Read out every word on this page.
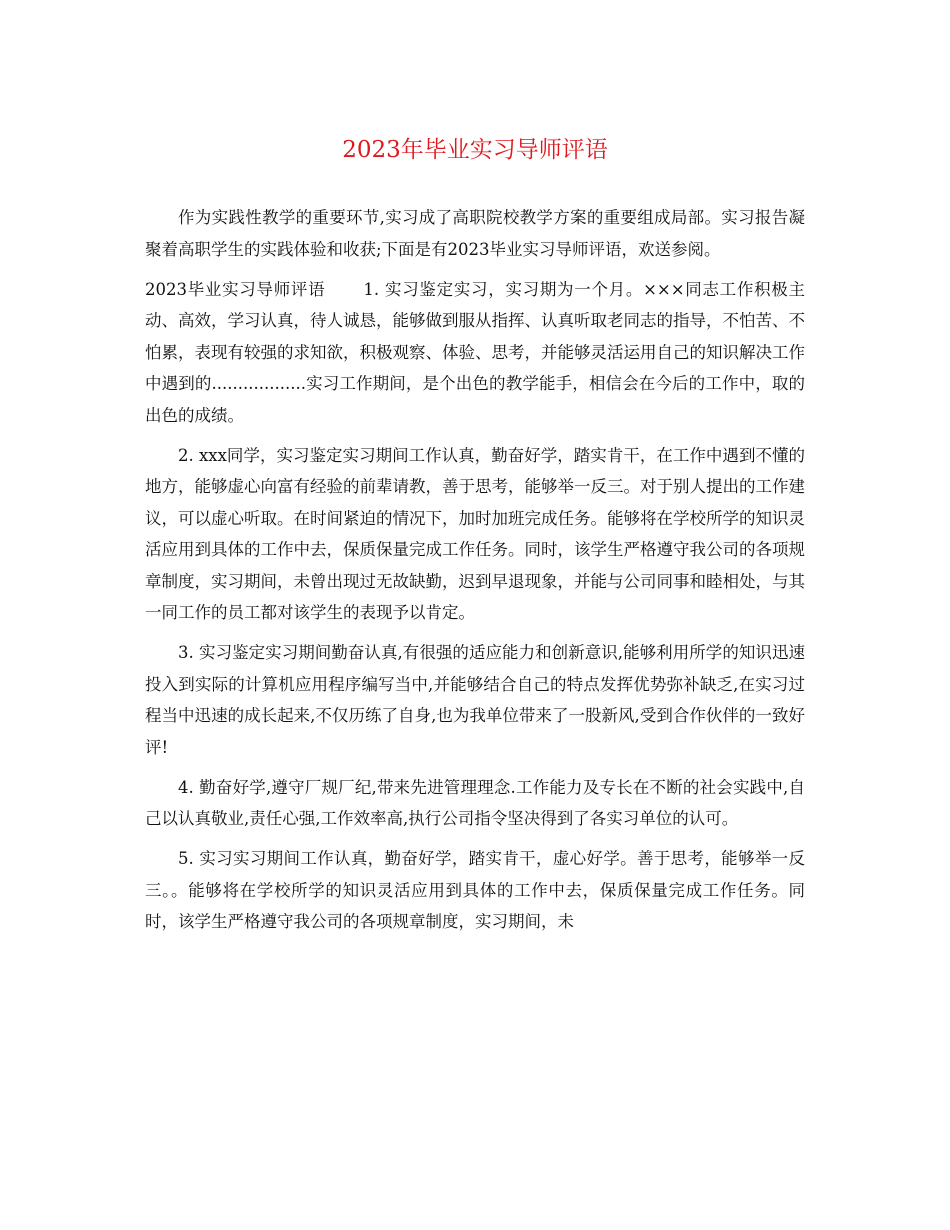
2023年毕业实习导师评语

作为实践性教学的重要环节,实习成了高职院校教学方案的重要组成局部。实习报告凝聚着高职学生的实践体验和收获;下面是有2023毕业实习导师评语，欢送参阅。

2023毕业实习导师评语 1. 实习鉴定实习，实习期为一个月。×××同志工作积极主动、高效，学习认真，待人诚恳，能够做到服从指挥、认真听取老同志的指导，不怕苦、不怕累，表现有较强的求知欲，积极观察、体验、思考，并能够灵活运用自己的知识解决工作中遇到的..................实习工作期间，是个出色的教学能手，相信会在今后的工作中，取的出色的成绩。

2. xxx同学，实习鉴定实习期间工作认真，勤奋好学，踏实肯干，在工作中遇到不懂的地方，能够虚心向富有经验的前辈请教，善于思考，能够举一反三。对于别人提出的工作建议，可以虚心听取。在时间紧迫的情况下，加时加班完成任务。能够将在学校所学的知识灵活应用到具体的工作中去，保质保量完成工作任务。同时，该学生严格遵守我公司的各项规章制度，实习期间，未曾出现过无故缺勤，迟到早退现象，并能与公司同事和睦相处，与其一同工作的员工都对该学生的表现予以肯定。

3. 实习鉴定实习期间勤奋认真,有很强的适应能力和创新意识,能够利用所学的知识迅速投入到实际的计算机应用程序编写当中,并能够结合自己的特点发挥优势弥补缺乏,在实习过程当中迅速的成长起来,不仅历练了自身,也为我单位带来了一股新风,受到合作伙伴的一致好评!

4. 勤奋好学,遵守厂规厂纪,带来先进管理理念.工作能力及专长在不断的社会实践中,自己以认真敬业,责任心强,工作效率高,执行公司指令坚决得到了各实习单位的认可。

5. 实习实习期间工作认真，勤奋好学，踏实肯干，虚心好学。善于思考，能够举一反三。。能够将在学校所学的知识灵活应用到具体的工作中去，保质保量完成工作任务。同时，该学生严格遵守我公司的各项规章制度，实习期间，未
